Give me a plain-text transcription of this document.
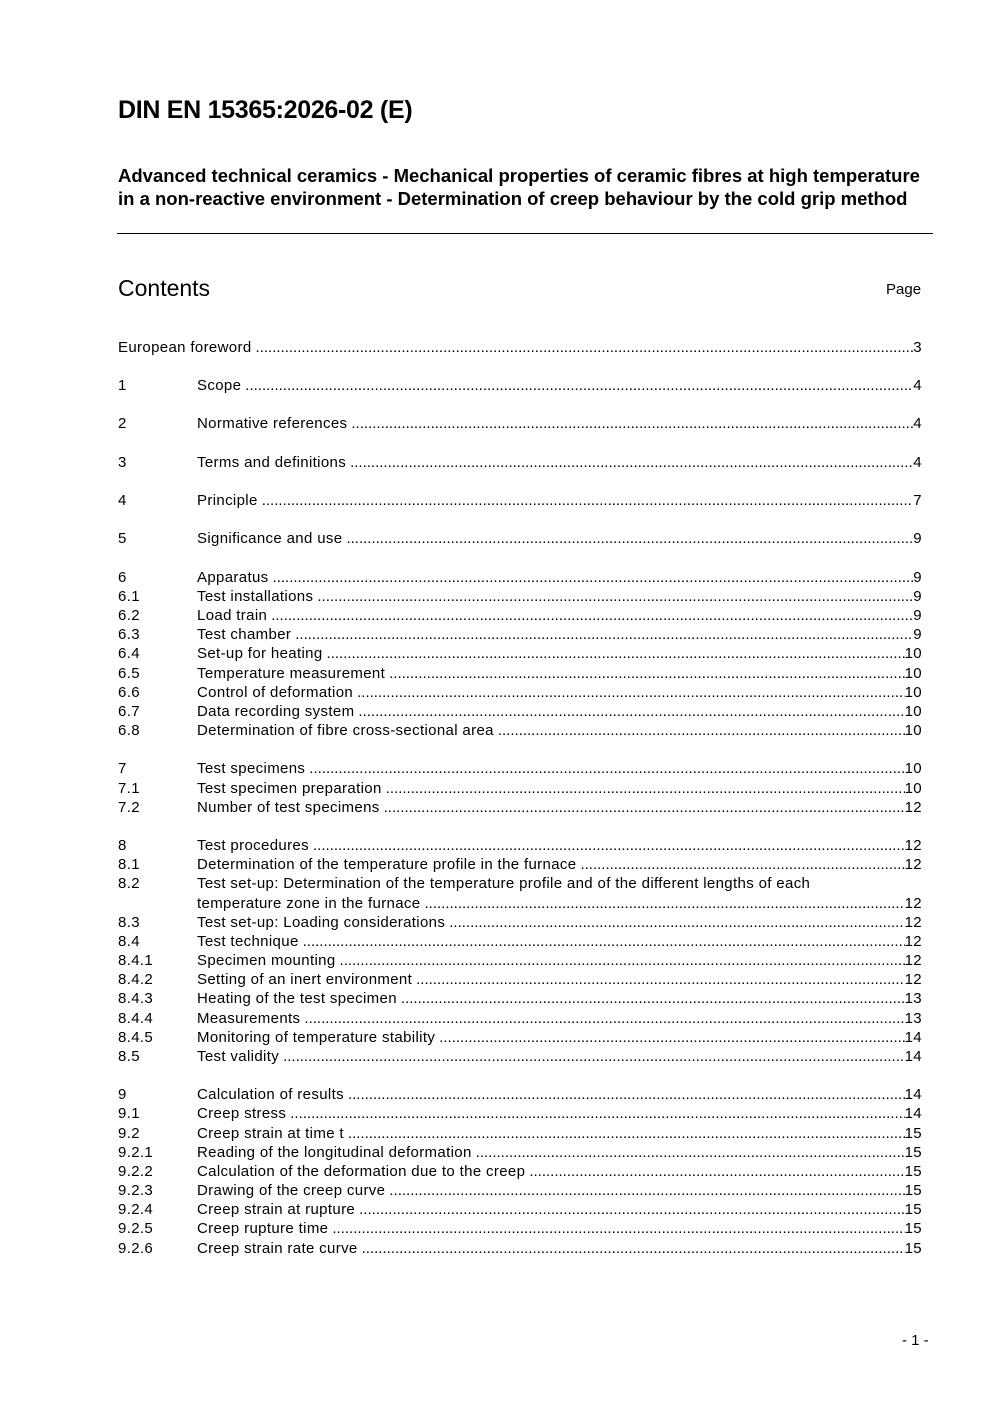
DIN EN 15365:2026-02 (E)
Advanced technical ceramics - Mechanical properties of ceramic fibres at high temperature in a non-reactive environment - Determination of creep behaviour by the cold grip method
Contents	Page
European foreword .....	3
1	Scope .....	4
2	Normative references .....	4
3	Terms and definitions .....	4
4	Principle .....	7
5	Significance and use .....	9
6	Apparatus .....	9
6.1	Test installations .....	9
6.2	Load train .....	9
6.3	Test chamber .....	9
6.4	Set-up for heating .....	10
6.5	Temperature measurement .....	10
6.6	Control of deformation .....	10
6.7	Data recording system .....	10
6.8	Determination of fibre cross-sectional area .....	10
7	Test specimens .....	10
7.1	Test specimen preparation .....	10
7.2	Number of test specimens .....	12
8	Test procedures .....	12
8.1	Determination of the temperature profile in the furnace .....	12
8.2	Test set-up: Determination of the temperature profile and of the different lengths of each
temperature zone in the furnace .....	12
8.3	Test set-up: Loading considerations .....	12
8.4	Test technique .....	12
8.4.1	Specimen mounting .....	12
8.4.2	Setting of an inert environment .....	12
8.4.3	Heating of the test specimen .....	13
8.4.4	Measurements .....	13
8.4.5	Monitoring of temperature stability .....	14
8.5	Test validity .....	14
9	Calculation of results .....	14
9.1	Creep stress .....	14
9.2	Creep strain at time t .....	15
9.2.1	Reading of the longitudinal deformation .....	15
9.2.2	Calculation of the deformation due to the creep .....	15
9.2.3	Drawing of the creep curve .....	15
9.2.4	Creep strain at rupture .....	15
9.2.5	Creep rupture time .....	15
9.2.6	Creep strain rate curve .....	15
- 1 -
